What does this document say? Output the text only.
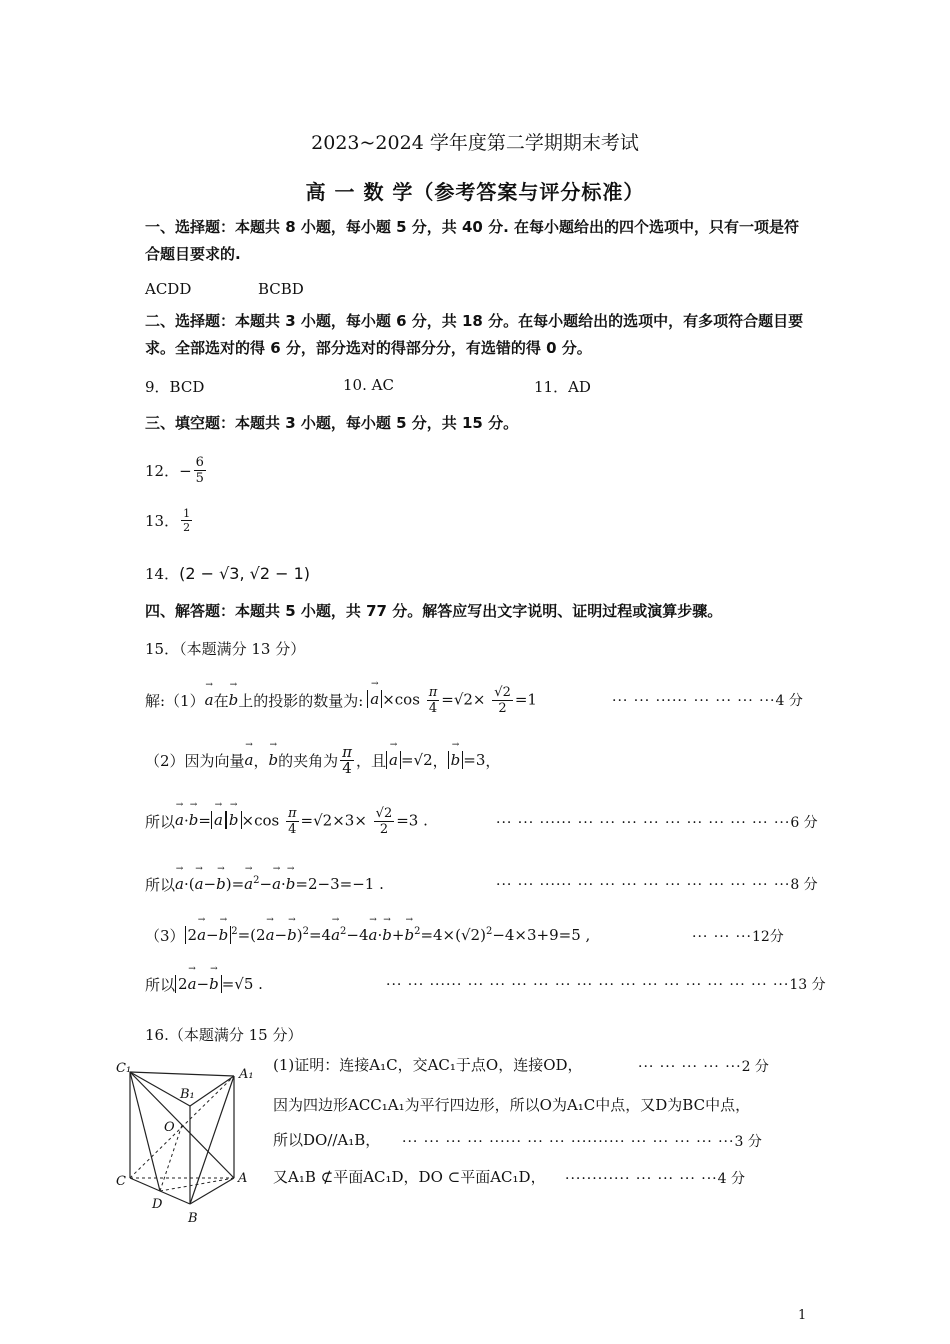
2023~2024 学年度第二学期期末考试
高 一 数 学（参考答案与评分标准）
一、选择题：本题共 8 小题，每小题 5 分，共 40 分. 在每小题给出的四个选项中，只有一项是符合题目要求的.
ACDD	BCBD
二、选择题：本题共 3 小题，每小题 6 分，共 18 分。在每小题给出的选项中，有多项符合题目要求。全部选对的得 6 分，部分选对的得部分分，有选错的得 0 分。
9．BCD	10. AC	11．AD
三、填空题：本题共 3 小题，每小题 5 分，共 15 分。
12． − $\frac{6}{5}$
13． $\frac{1}{2}$
14．(2 − √3, √2 − 1)
四、解答题：本题共 5 小题，共 77 分。解答应写出文字说明、证明过程或演算步骤。
15．（本题满分 13 分）
解:（1） → a 在 → b 上的投影的数量为: → $a \times\cos \frac{\pi}{4} =√2\times \frac{√2}{2} =1$	··· ··· ······ ··· ··· ··· ···4 分
（2）因为向量 → a ， → b 的夹角为 $\frac{\pi}{4}$ ，且 → a =√2 ， → b =3 ，
所以 → $a\cdot\to b= \to a \to b \times\cos \frac{\pi}{4} =√2\times 3\times \frac{√2}{2} =3$ .	··· ··· ······ ··· ··· ··· ··· ··· ··· ··· ··· ··· ···6 分
所以 → $a\cdot(\to a-\to b)=\to a^2-\to a\cdot\to b=2-3=-1$ .	··· ··· ······ ··· ··· ··· ··· ··· ··· ··· ··· ··· ···8 分
（3） 2→ a−→ b $^2=(2\to a-\to b)^2=4\to a^2-4\to a\cdot\to b+\to b^2=4\times(√2)^2-4\times 3+9=5$ ,	··· ··· ···12分
所以 2→ a−→ b =√5 .	··· ··· ······ ··· ··· ··· ··· ··· ··· ··· ··· ··· ··· ··· ··· ··· ··· ···13 分
16.（本题满分 15 分）
C₁	A₁
B₁
O
C	A
D
B
(1)证明：连接A₁C，交AC₁于点O，连接OD，	··· ··· ··· ··· ···2 分
因为四边形ACC₁A₁为平行四边形，所以O为A₁C中点，又D为BC中点，
所以DO//A₁B， ··· ··· ··· ··· ······ ··· ··· ·········· ··· ··· ··· ··· ···3 分
又A₁B ⊄平面AC₁D，DO ⊂平面AC₁D， ············ ··· ··· ··· ···4 分
1
